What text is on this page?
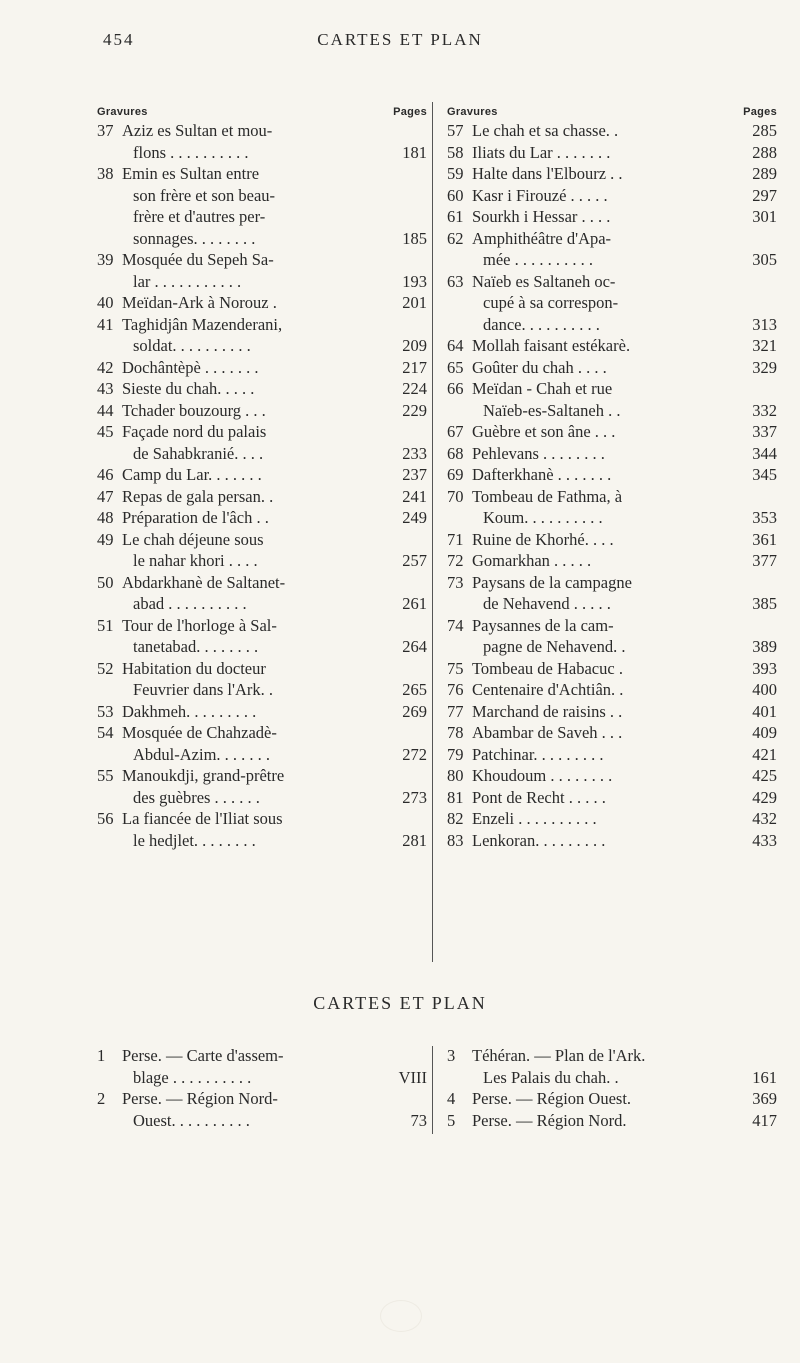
454	CARTES ET PLAN
Gravures	Pages
37 Aziz es Sultan et mou-
flons . . . . . . . . . .	181
38 Emin es Sultan entre
son frère et son beau-
frère et d'autres per-
sonnages. . . . . . . .	185
39 Mosquée du Sepeh Sa-
lar . . . . . . . . . . .	193
40 Meïdan-Ark à Norouz .	201
41 Taghidjân Mazenderani,
soldat. . . . . . . . . .	209
42 Dochântèpè . . . . . . .	217
43 Sieste du chah. . . . .	224
44 Tchader bouzourg . . .	229
45 Façade nord du palais
de Sahabkranié. . . .	233
46 Camp du Lar. . . . . . .	237
47 Repas de gala persan. .	241
48 Préparation de l'âch . .	249
49 Le chah déjeune sous
le nahar khori . . . .	257
50 Abdarkhanè de Saltanet-
abad . . . . . . . . . .	261
51 Tour de l'horloge à Sal-
tanetabad. . . . . . . .	264
52 Habitation du docteur
Feuvrier dans l'Ark. .	265
53 Dakhmeh. . . . . . . . .	269
54 Mosquée de Chahzadè-
Abdul-Azim. . . . . . .	272
55 Manoukdji, grand-prêtre
des guèbres . . . . . .	273
56 La fiancée de l'Iliat sous
le hedjlet. . . . . . . .	281
Gravures	Pages
57 Le chah et sa chasse. .	285
58 Iliats du Lar . . . . . . .	288
59 Halte dans l'Elbourz . .	289
60 Kasr i Firouzé . . . . .	297
61 Sourkh i Hessar . . . .	301
62 Amphithéâtre d'Apa-
mée . . . . . . . . . .	305
63 Naïeb es Saltaneh oc-
cupé à sa correspon-
dance. . . . . . . . . .	313
64 Mollah faisant estékarè.	321
65 Goûter du chah . . . .	329
66 Meïdan - Chah et rue
Naïeb-es-Saltaneh . .	332
67 Guèbre et son âne . . .	337
68 Pehlevans . . . . . . . .	344
69 Dafterkhanè . . . . . . .	345
70 Tombeau de Fathma, à
Koum. . . . . . . . . .	353
71 Ruine de Khorhé. . . .	361
72 Gomarkhan . . . . .	377
73 Paysans de la campagne
de Nehavend . . . . .	385
74 Paysannes de la cam-
pagne de Nehavend. .	389
75 Tombeau de Habacuc .	393
76 Centenaire d'Achtiân. .	400
77 Marchand de raisins . .	401
78 Abambar de Saveh . . .	409
79 Patchinar. . . . . . . . .	421
80 Khoudoum . . . . . . . .	425
81 Pont de Recht . . . . .	429
82 Enzeli . . . . . . . . . .	432
83 Lenkoran. . . . . . . . .	433
CARTES ET PLAN
1	Perse. — Carte d'assem-
blage . . . . . . . . . .	VIII
2	Perse. — Région Nord-
Ouest. . . . . . . . . .	73
3	Téhéran. — Plan de l'Ark.
Les Palais du chah. .	161
4	Perse. — Région Ouest.	369
5	Perse. — Région Nord.	417
